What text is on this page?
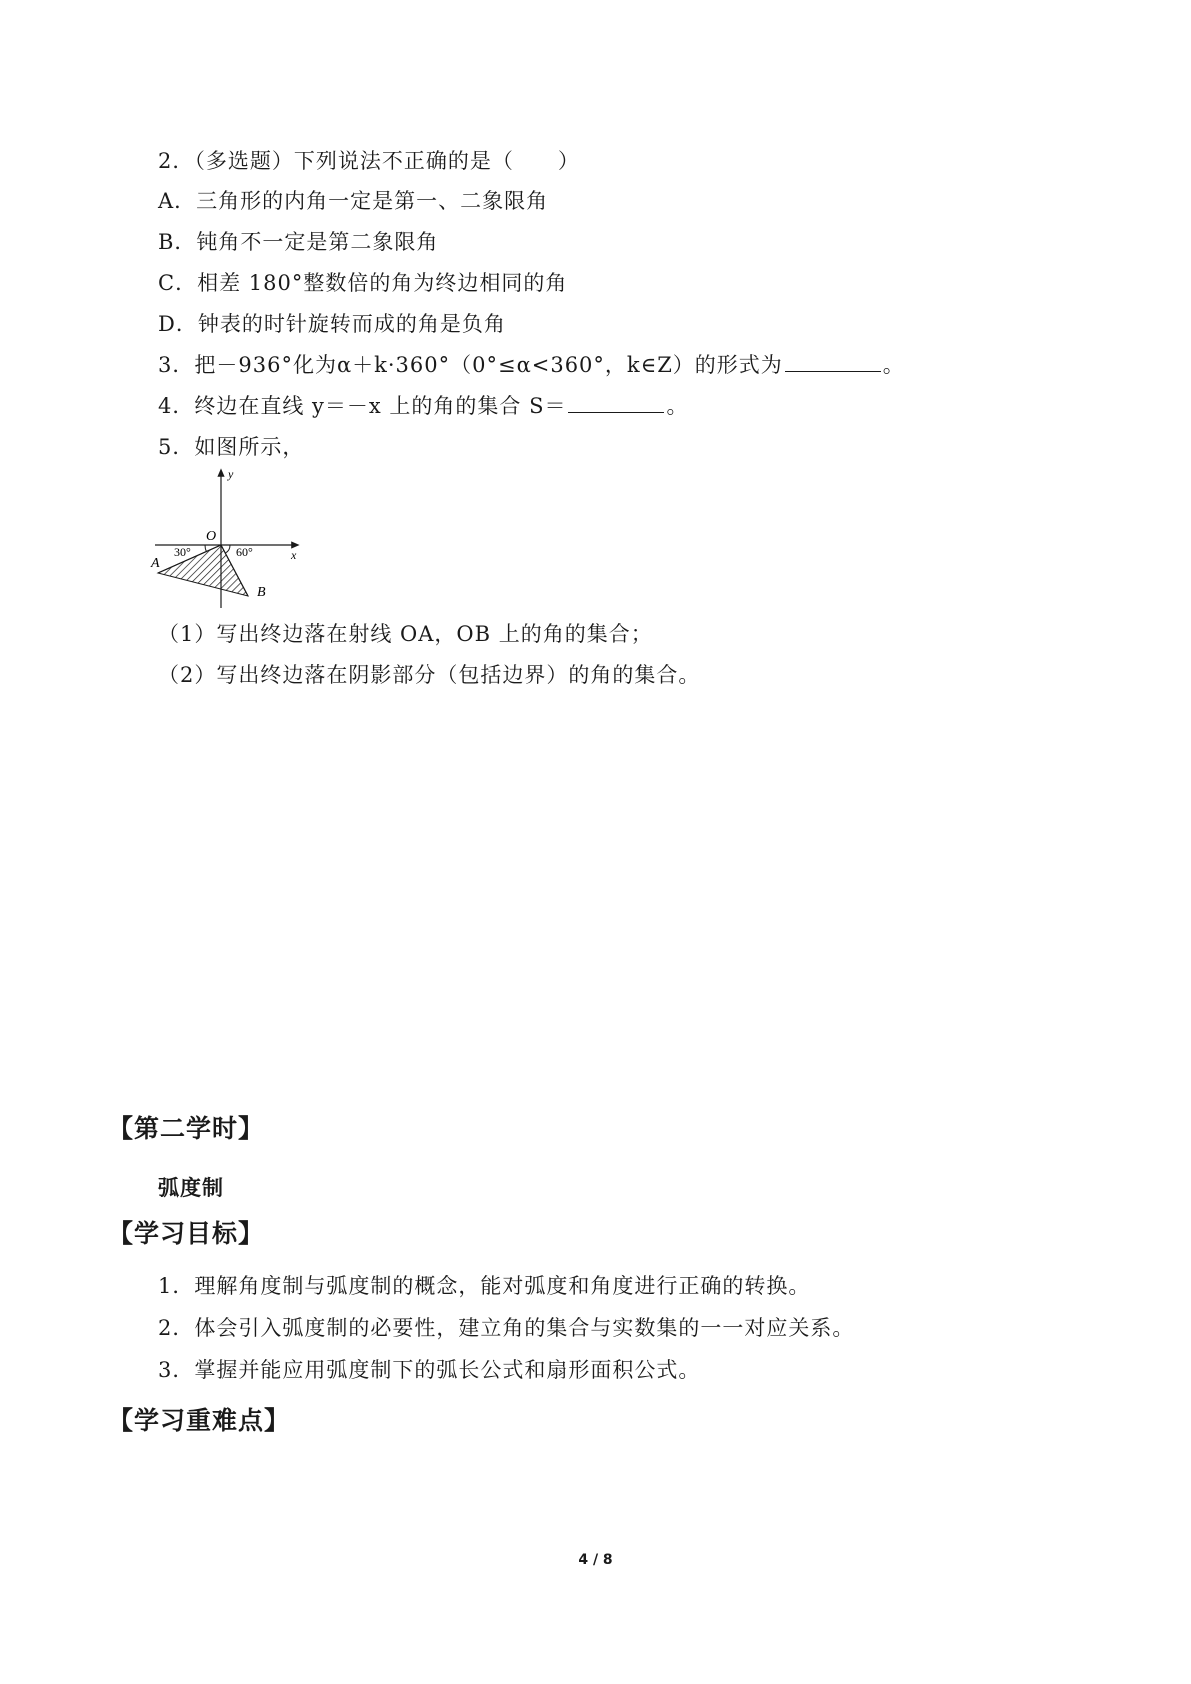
2．（多选题）下列说法不正确的是（　　）
A．三角形的内角一定是第一、二象限角
B．钝角不一定是第二象限角
C．相差 180°整数倍的角为终边相同的角
D．钟表的时针旋转而成的角是负角
3．把－936°化为α＋k·360°（0°≤α<360°，k∈Z）的形式为	。
4．终边在直线 y＝－x 上的角的集合 S＝	。
5．如图所示，
y
x
O
A
B
30°	60°
（1）写出终边落在射线 OA，OB 上的角的集合；
（2）写出终边落在阴影部分（包括边界）的角的集合。
【第二学时】
弧度制
【学习目标】
1．理解角度制与弧度制的概念，能对弧度和角度进行正确的转换。
2．体会引入弧度制的必要性，建立角的集合与实数集的一一对应关系。
3．掌握并能应用弧度制下的弧长公式和扇形面积公式。
【学习重难点】
4 / 8
